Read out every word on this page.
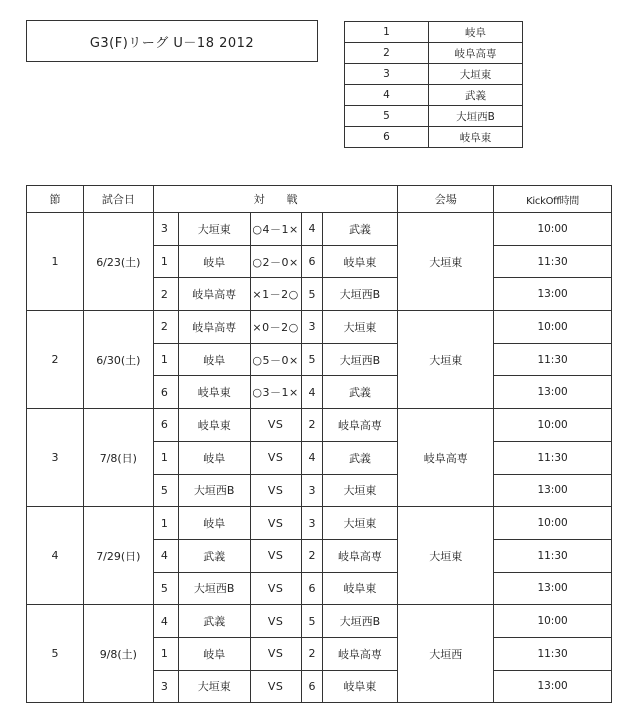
G3(F)リーグ U－18 2012
1	岐阜
2	岐阜高専
3	大垣東
4	武義
5	大垣西B
6	岐阜東
節	試合日	対　　戦					会場	KickOff時間
1	6/23(土)	3	大垣東	○4－1×	4	武義	大垣東	10:00
		1	岐阜	○2－0×	6	岐阜東		11:30
		2	岐阜高専	×1－2○	5	大垣西B		13:00
2	6/30(土)	2	岐阜高専	×0－2○	3	大垣東	大垣東	10:00
		1	岐阜	○5－0×	5	大垣西B		11:30
		6	岐阜東	○3－1×	4	武義		13:00
3	7/8(日)	6	岐阜東	VS	2	岐阜高専	岐阜高専	10:00
		1	岐阜	VS	4	武義		11:30
		5	大垣西B	VS	3	大垣東		13:00
4	7/29(日)	1	岐阜	VS	3	大垣東	大垣東	10:00
		4	武義	VS	2	岐阜高専		11:30
		5	大垣西B	VS	6	岐阜東		13:00
5	9/8(土)	4	武義	VS	5	大垣西B	大垣西	10:00
		1	岐阜	VS	2	岐阜高専		11:30
		3	大垣東	VS	6	岐阜東		13:00
